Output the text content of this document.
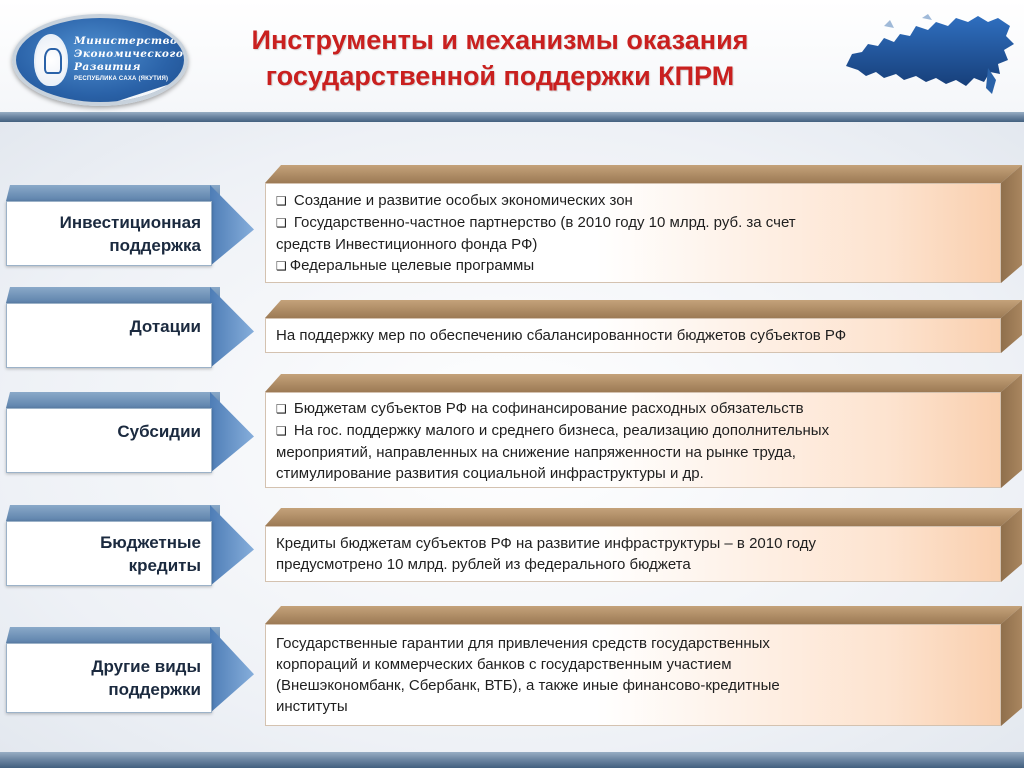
Министерство
Экономического
Развития
РЕСПУБЛИКА САХА (ЯКУТИЯ)
Инструменты и механизмы оказания
государственной поддержки КПРМ
Инвестиционная
поддержка
❑ Создание и развитие особых экономических зон
❑ Государственно-частное партнерство (в 2010 году 10 млрд. руб. за счет
средств Инвестиционного фонда РФ)
❑ Федеральные целевые программы
Дотации	На поддержку мер по обеспечению сбалансированности бюджетов субъектов РФ
Субсидии
❑ Бюджетам субъектов РФ на софинансирование расходных обязательств
❑ На гос. поддержку малого и среднего бизнеса, реализацию дополнительных
мероприятий, направленных на снижение напряженности на рынке труда,
стимулирование развития социальной инфраструктуры и др.
Бюджетные
кредиты
Кредиты бюджетам субъектов РФ на развитие инфраструктуры – в 2010 году
предусмотрено 10 млрд. рублей из федерального бюджета
Другие виды
поддержки
Государственные гарантии для привлечения средств государственных
корпораций и коммерческих банков с государственным участием
(Внешэкономбанк, Сбербанк, ВТБ), а также иные финансово-кредитные
институты
